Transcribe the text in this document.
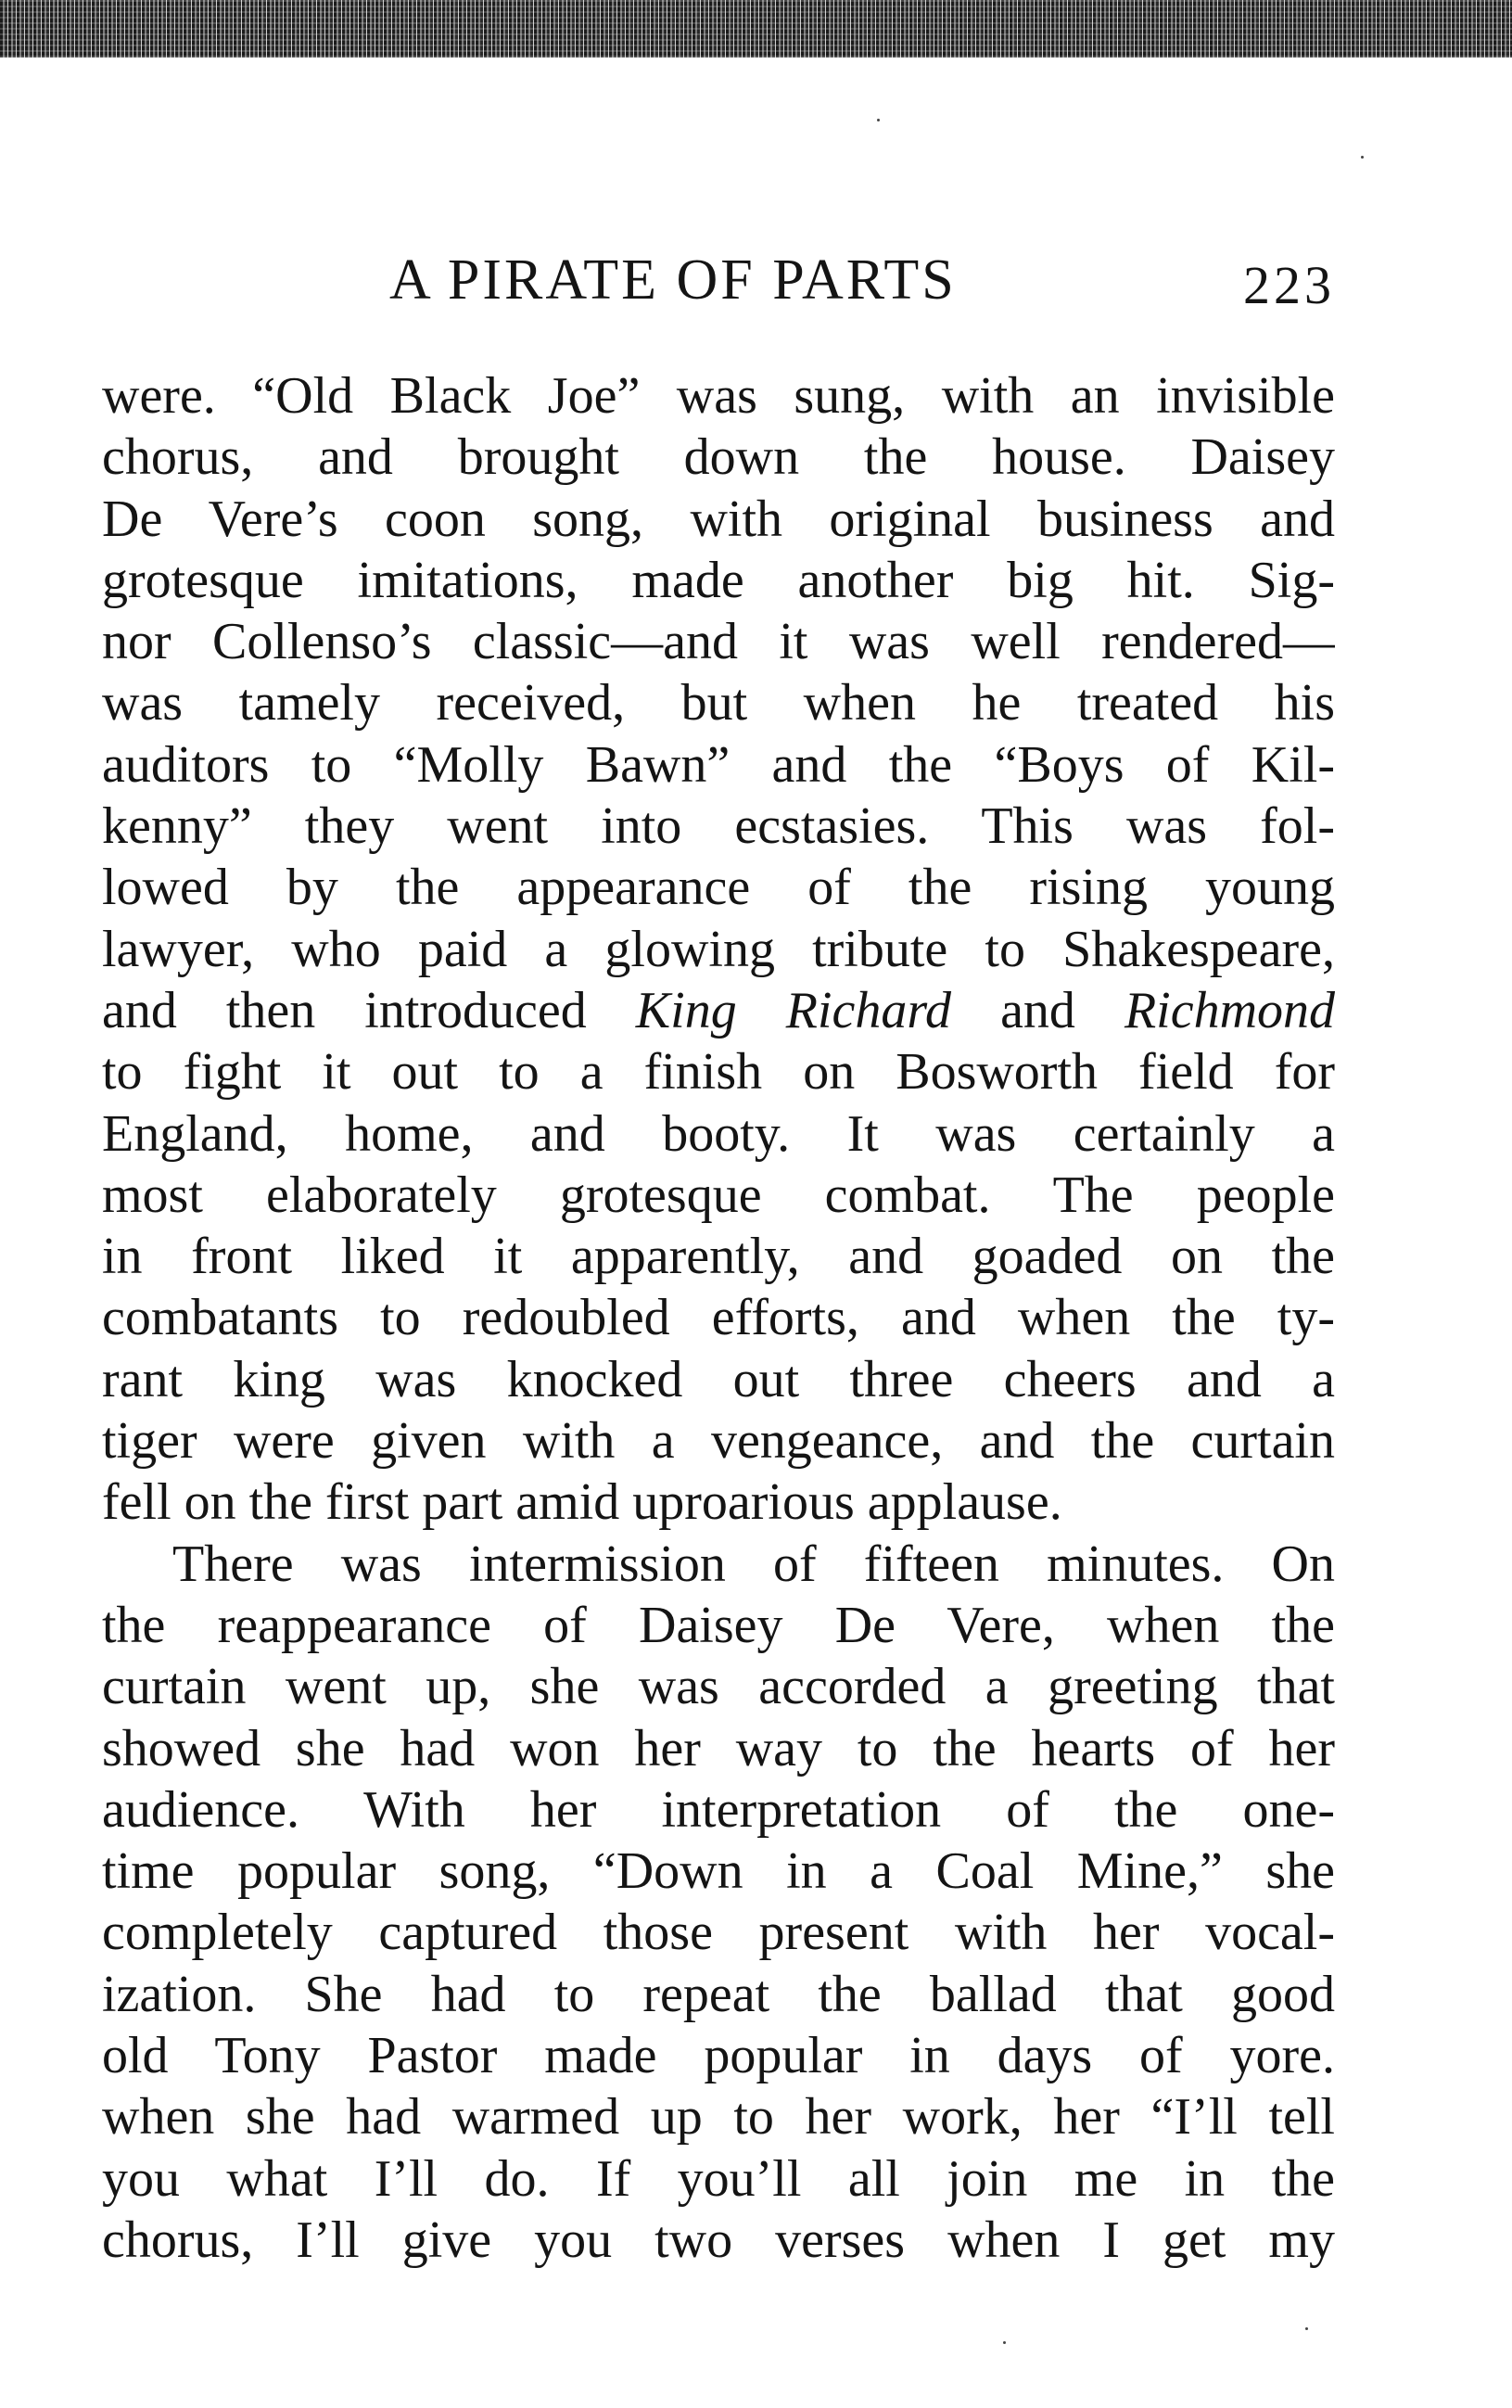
A PIRATE OF PARTS	223
were. “Old Black Joe” was sung, with an invisible
chorus, and brought down the house. Daisey
De Vere’s coon song, with original business and
grotesque imitations, made another big hit. Sig-
nor Collenso’s classic—and it was well rendered—
was tamely received, but when he treated his
auditors to “Molly Bawn” and the “Boys of Kil-
kenny” they went into ecstasies. This was fol-
lowed by the appearance of the rising young
lawyer, who paid a glowing tribute to Shakespeare,
and then introduced King Richard and Richmond
to fight it out to a finish on Bosworth field for
England, home, and booty. It was certainly a
most elaborately grotesque combat. The people
in front liked it apparently, and goaded on the
combatants to redoubled efforts, and when the ty-
rant king was knocked out three cheers and a
tiger were given with a vengeance, and the curtain
fell on the first part amid uproarious applause.
There was intermission of fifteen minutes. On
the reappearance of Daisey De Vere, when the
curtain went up, she was accorded a greeting that
showed she had won her way to the hearts of her
audience. With her interpretation of the one-
time popular song, “Down in a Coal Mine,” she
completely captured those present with her vocal-
ization. She had to repeat the ballad that good
old Tony Pastor made popular in days of yore.
when she had warmed up to her work, her “I’ll tell
you what I’ll do. If you’ll all join me in the
chorus, I’ll give you two verses when I get my
